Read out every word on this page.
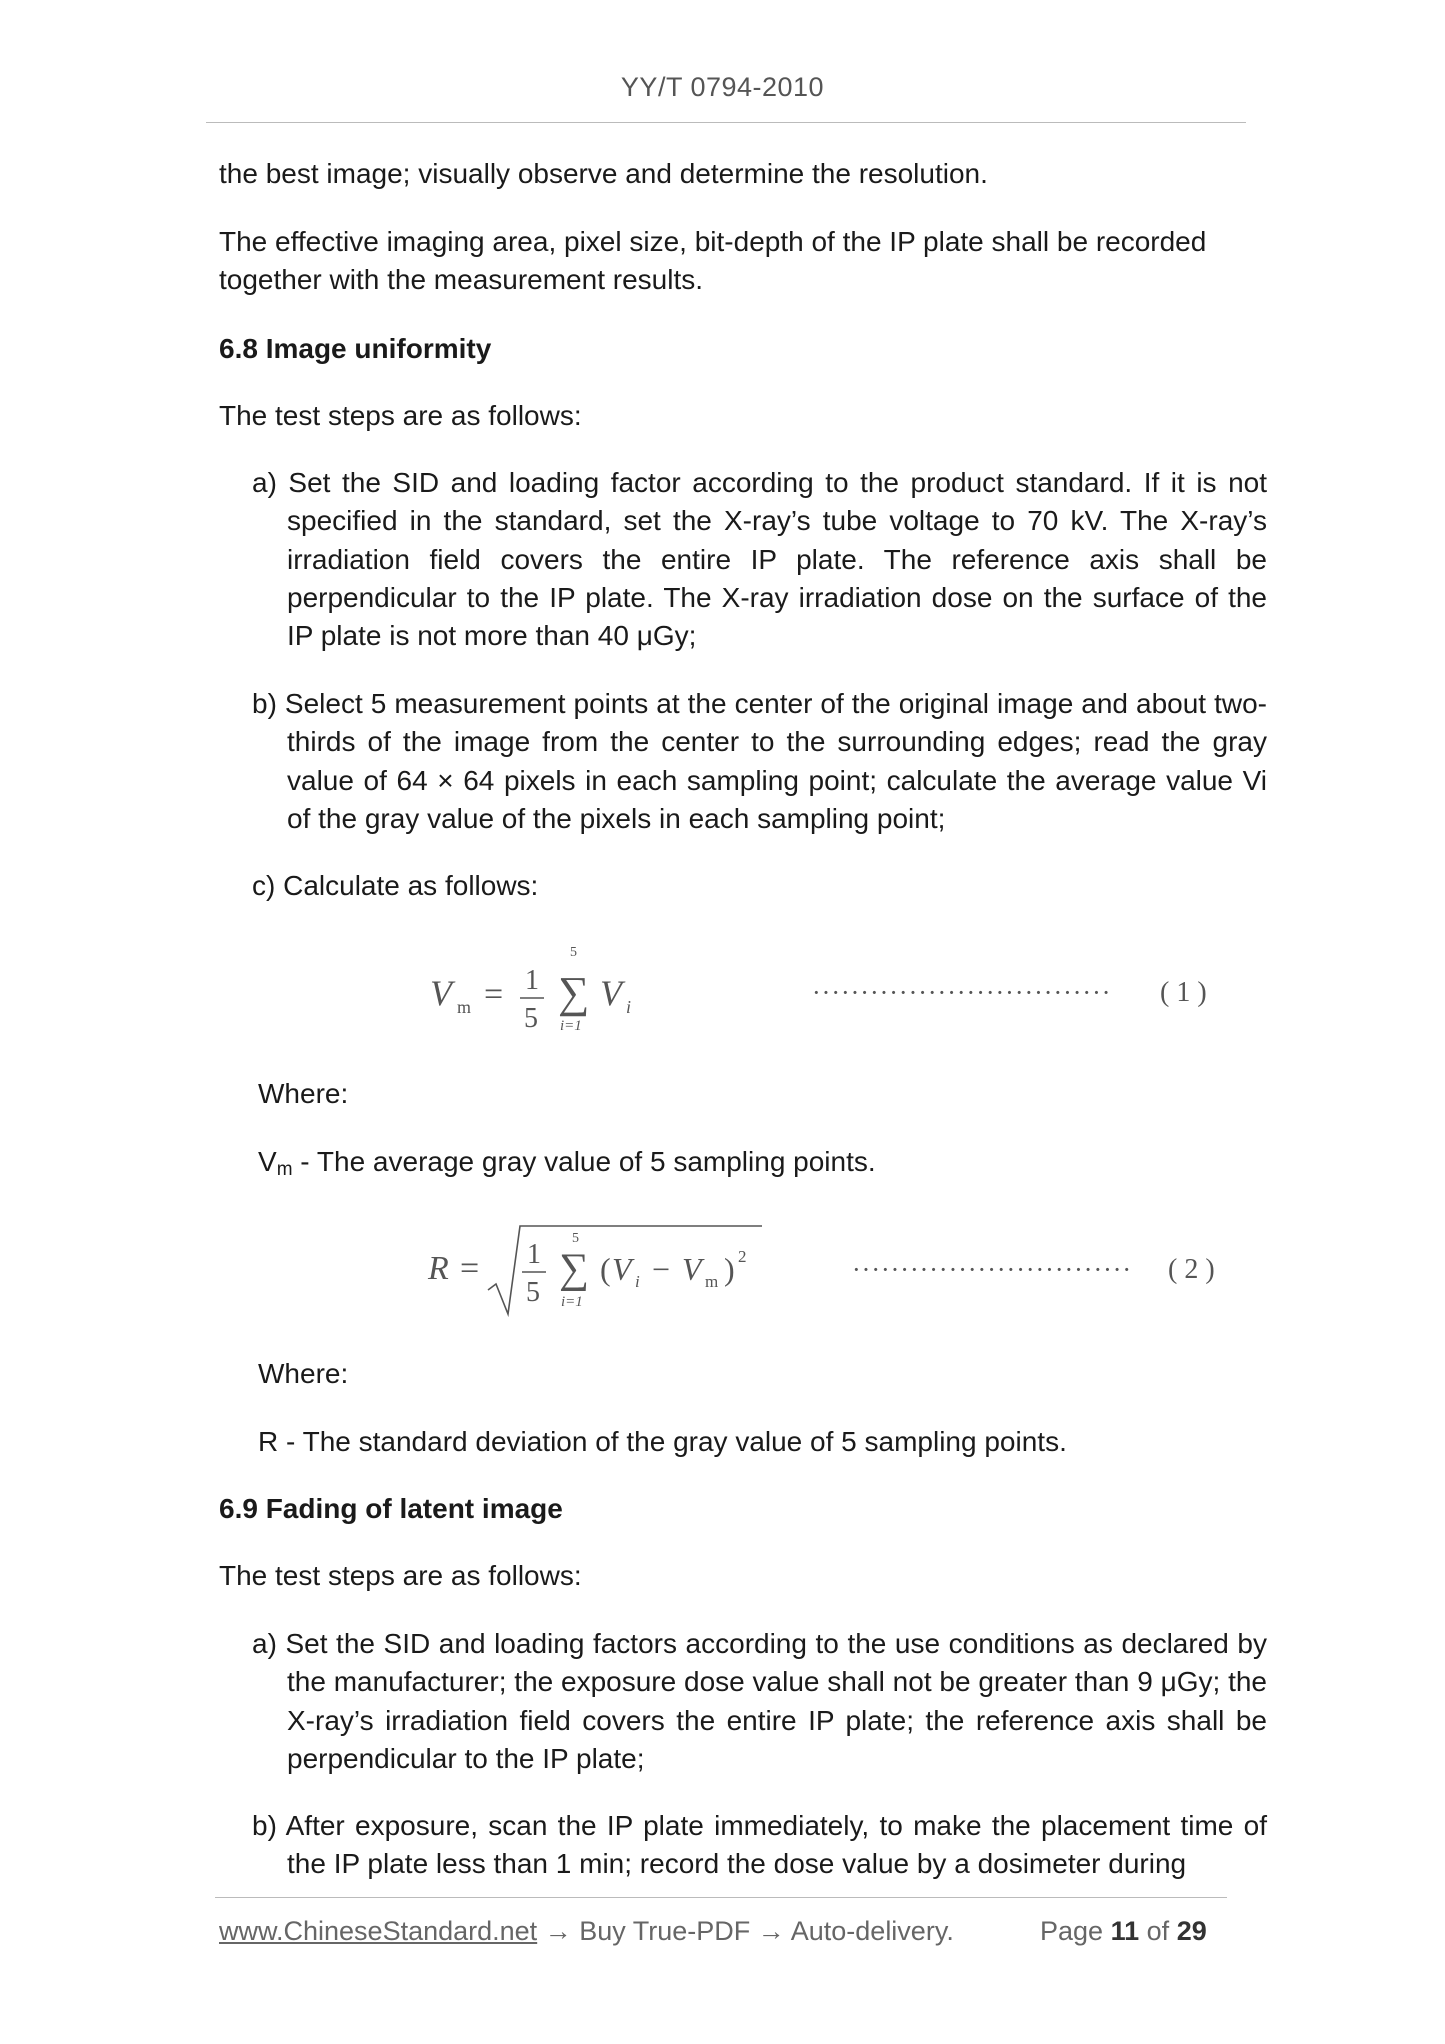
YY/T 0794-2010

the best image; visually observe and determine the resolution.

The effective imaging area, pixel size, bit-depth of the IP plate shall be recorded
together with the measurement results.

6.8 Image uniformity

The test steps are as follows:

a) Set the SID and loading factor according to the product standard. If it is not specified in the standard, set the X-ray’s tube voltage to 70 kV. The X-ray’s irradiation field covers the entire IP plate. The reference axis shall be perpendicular to the IP plate. The X-ray irradiation dose on the surface of the IP plate is not more than 40 μGy;

b) Select 5 measurement points at the center of the original image and about two-thirds of the image from the center to the surrounding edges; read the gray value of 64 × 64 pixels in each sampling point; calculate the average value Vi of the gray value of the pixels in each sampling point;

c) Calculate as follows:

V m = 1
5
5
∑
i=1
V i	······························· ( 1 )

Where:

Vm - The average gray value of 5 sampling points.

R = 1
5
5
∑
i=1
( V i − V m ) 2	····························· ( 2 )

Where:

R - The standard deviation of the gray value of 5 sampling points.

6.9 Fading of latent image

The test steps are as follows:

a) Set the SID and loading factors according to the use conditions as declared by the manufacturer; the exposure dose value shall not be greater than 9 μGy; the X-ray’s irradiation field covers the entire IP plate; the reference axis shall be perpendicular to the IP plate;

b) After exposure, scan the IP plate immediately, to make the placement time of the IP plate less than 1 min; record the dose value by a dosimeter during

www.ChineseStandard.net → Buy True-PDF → Auto-delivery.	Page 11 of 29
